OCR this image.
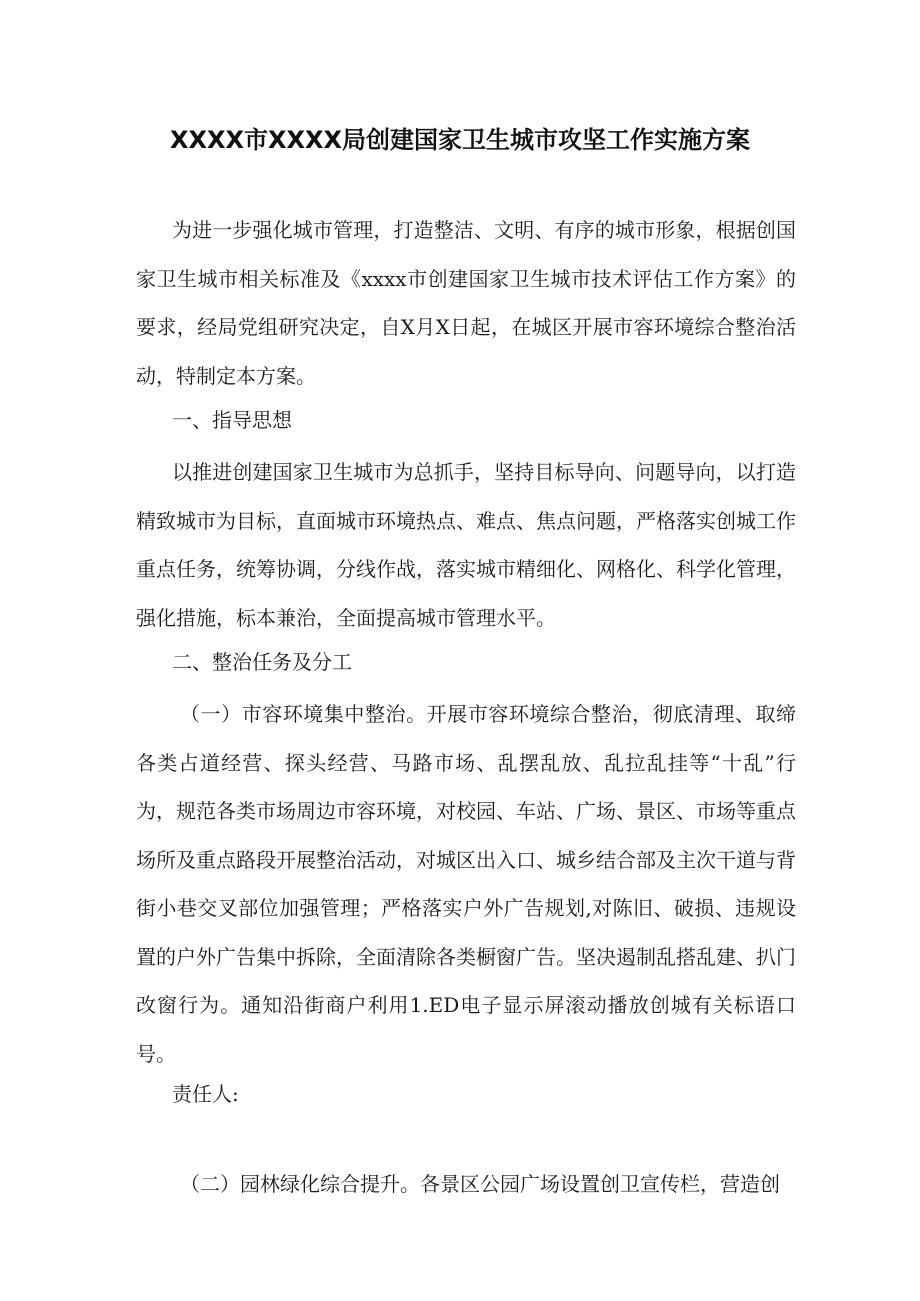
XXXX市XXXX局创建国家卫生城市攻坚工作实施方案

为进一步强化城市管理，打造整洁、文明、有序的城市形象，根据创国家卫生城市相关标准及《xxxx市创建国家卫生城市技术评估工作方案》的要求，经局党组研究决定，自X月X日起，在城区开展市容环境综合整治活动，特制定本方案。

一、指导思想

以推进创建国家卫生城市为总抓手，坚持目标导向、问题导向，以打造精致城市为目标，直面城市环境热点、难点、焦点问题，严格落实创城工作重点任务，统筹协调，分线作战，落实城市精细化、网格化、科学化管理，强化措施，标本兼治，全面提高城市管理水平。

二、整治任务及分工

（一）市容环境集中整治。开展市容环境综合整治，彻底清理、取缔各类占道经营、探头经营、马路市场、乱摆乱放、乱拉乱挂等“十乱”行为，规范各类市场周边市容环境，对校园、车站、广场、景区、市场等重点场所及重点路段开展整治活动，对城区出入口、城乡结合部及主次干道与背街小巷交叉部位加强管理；严格落实户外广告规划,对陈旧、破损、违规设置的户外广告集中拆除，全面清除各类橱窗广告。坚决遏制乱搭乱建、扒门改窗行为。通知沿街商户利用1.ED电子显示屏滚动播放创城有关标语口号。

责任人:

（二）园林绿化综合提升。各景区公园广场设置创卫宣传栏，营造创
